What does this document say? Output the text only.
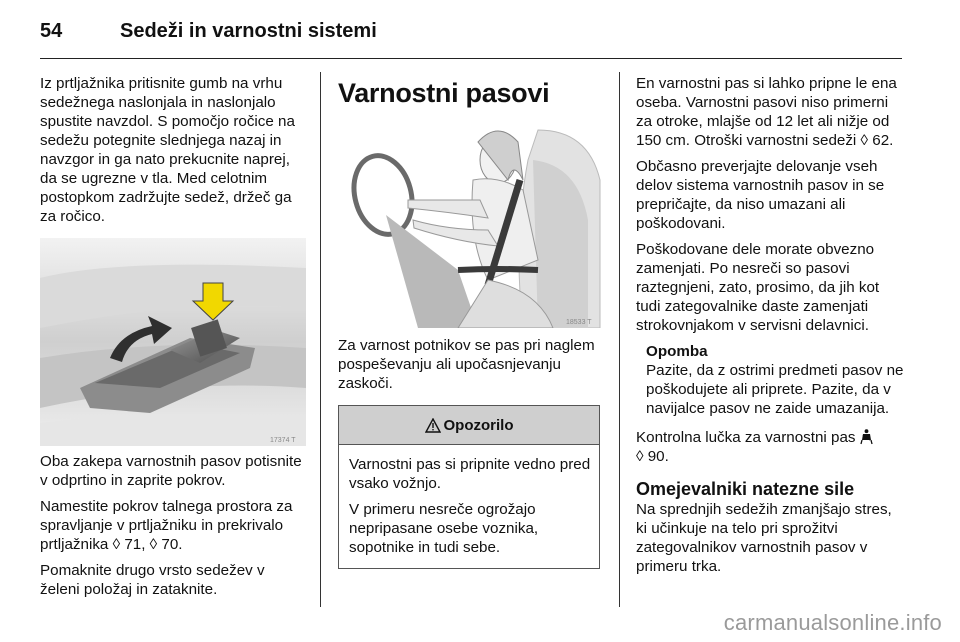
54	Sedeži in varnostni sistemi

Iz prtljažnika pritisnite gumb na vrhu sedežnega naslonjala in naslonjalo spustite navzdol. S pomočjo ročice na sedežu potegnite slednjega nazaj in navzgor in ga nato prekucnite naprej, da se ugrezne v tla. Med celotnim postopkom zadržujte sedež, držeč ga za ročico.

17374 T

Oba zakepa varnostnih pasov potisnite v odprtino in zaprite pokrov.

Namestite pokrov talnega prostora za spravljanje v prtljažniku in prekrivalo prtljažnika ◊ 71, ◊ 70.

Pomaknite drugo vrsto sedežev v želeni položaj in zataknite.

Varnostni pasovi
18533 T

Za varnost potnikov se pas pri naglem pospeševanju ali upočasnjevanju zaskoči.

Opozorilo

Varnostni pas si pripnite vedno pred vsako vožnjo.

V primeru nesreče ogrožajo nepripasane osebe voznika, sopotnike in tudi sebe.

En varnostni pas si lahko pripne le ena oseba. Varnostni pasovi niso primerni za otroke, mlajše od 12 let ali nižje od 150 cm. Otroški varnostni sedeži ◊ 62.

Občasno preverjajte delovanje vseh delov sistema varnostnih pasov in se prepričajte, da niso umazani ali poškodovani.

Poškodovane dele morate obvezno zamenjati. Po nesreči so pasovi raztegnjeni, zato, prosimo, da jih kot tudi zategovalnike daste zamenjati strokovnjakom v servisni delavnici.

Opomba
Pazite, da z ostrimi predmeti pasov ne poškodujete ali priprete. Pazite, da v navijalce pasov ne zaide umazanija.

Kontrolna lučka za varnostni pas
◊ 90.

Omejevalniki natezne sile

Na sprednjih sedežih zmanjšajo stres, ki učinkuje na telo pri sprožitvi zategovalnikov varnostnih pasov v primeru trka.

carmanualsonline.info
